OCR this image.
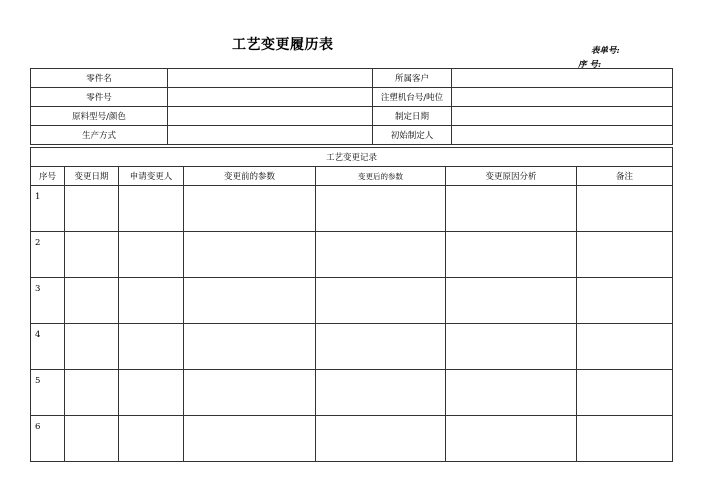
工艺变更履历表	表单号:
序 号:
零件名		所属客户	
零件号		注塑机台号/吨位	
原料型号/颜色		制定日期	
生产方式		初始制定人	
工艺变更记录						
序号	变更日期	申请变更人	变更前的参数	变更后的参数	变更原因分析	备注
1						
2						
3						
4						
5						
6						
